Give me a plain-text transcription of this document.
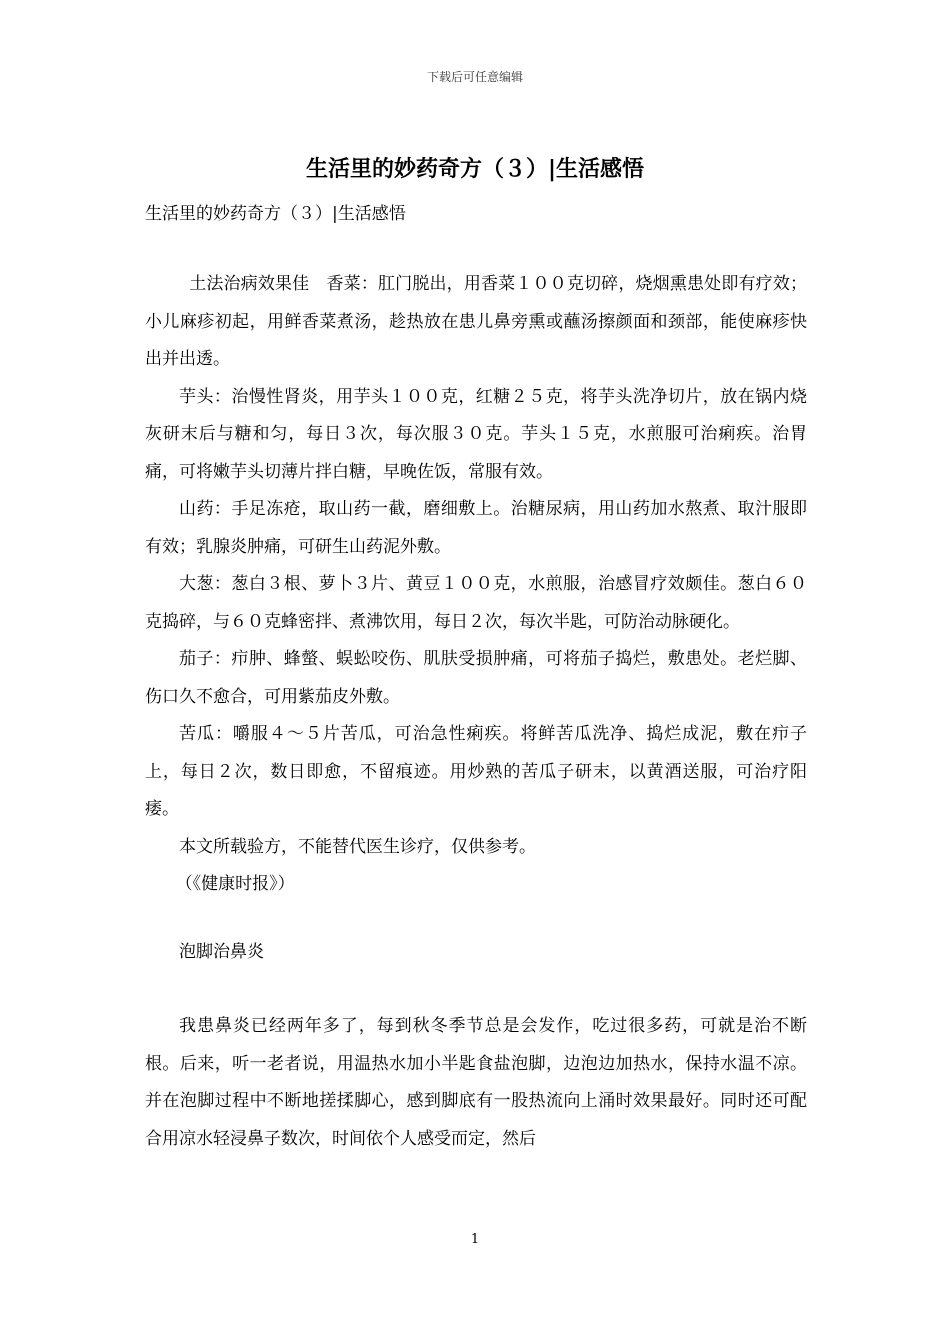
下载后可任意编辑
生活里的妙药奇方（３）|生活感悟

生活里的妙药奇方（３）|生活感悟

土法治病效果佳　香菜：肛门脱出，用香菜１００克切碎，烧烟熏患处即有疗效；小儿麻疹初起，用鲜香菜煮汤，趁热放在患儿鼻旁熏或蘸汤擦颜面和颈部，能使麻疹快出并出透。

芋头：治慢性肾炎，用芋头１００克，红糖２５克，将芋头洗净切片，放在锅内烧灰研末后与糖和匀，每日３次，每次服３０克。芋头１５克，水煎服可治痢疾。治胃痛，可将嫩芋头切薄片拌白糖，早晚佐饭，常服有效。

山药：手足冻疮，取山药一截，磨细敷上。治糖尿病，用山药加水熬煮、取汁服即有效；乳腺炎肿痛，可研生山药泥外敷。

大葱：葱白３根、萝卜３片、黄豆１００克，水煎服，治感冒疗效颇佳。葱白６０克捣碎，与６０克蜂密拌、煮沸饮用，每日２次，每次半匙，可防治动脉硬化。

茄子：疖肿、蜂螫、蜈蚣咬伤、肌肤受损肿痛，可将茄子捣烂，敷患处。老烂脚、伤口久不愈合，可用紫茄皮外敷。

苦瓜：嚼服４～５片苦瓜，可治急性痢疾。将鲜苦瓜洗净、捣烂成泥，敷在疖子上，每日２次，数日即愈，不留痕迹。用炒熟的苦瓜子研末，以黄酒送服，可治疗阳痿。

本文所载验方，不能替代医生诊疗，仅供参考。

（《健康时报》）

泡脚治鼻炎

我患鼻炎已经两年多了，每到秋冬季节总是会发作，吃过很多药，可就是治不断根。后来，听一老者说，用温热水加小半匙食盐泡脚，边泡边加热水，保持水温不凉。并在泡脚过程中不断地搓揉脚心，感到脚底有一股热流向上涌时效果最好。同时还可配合用凉水轻浸鼻子数次，时间依个人感受而定，然后

1
